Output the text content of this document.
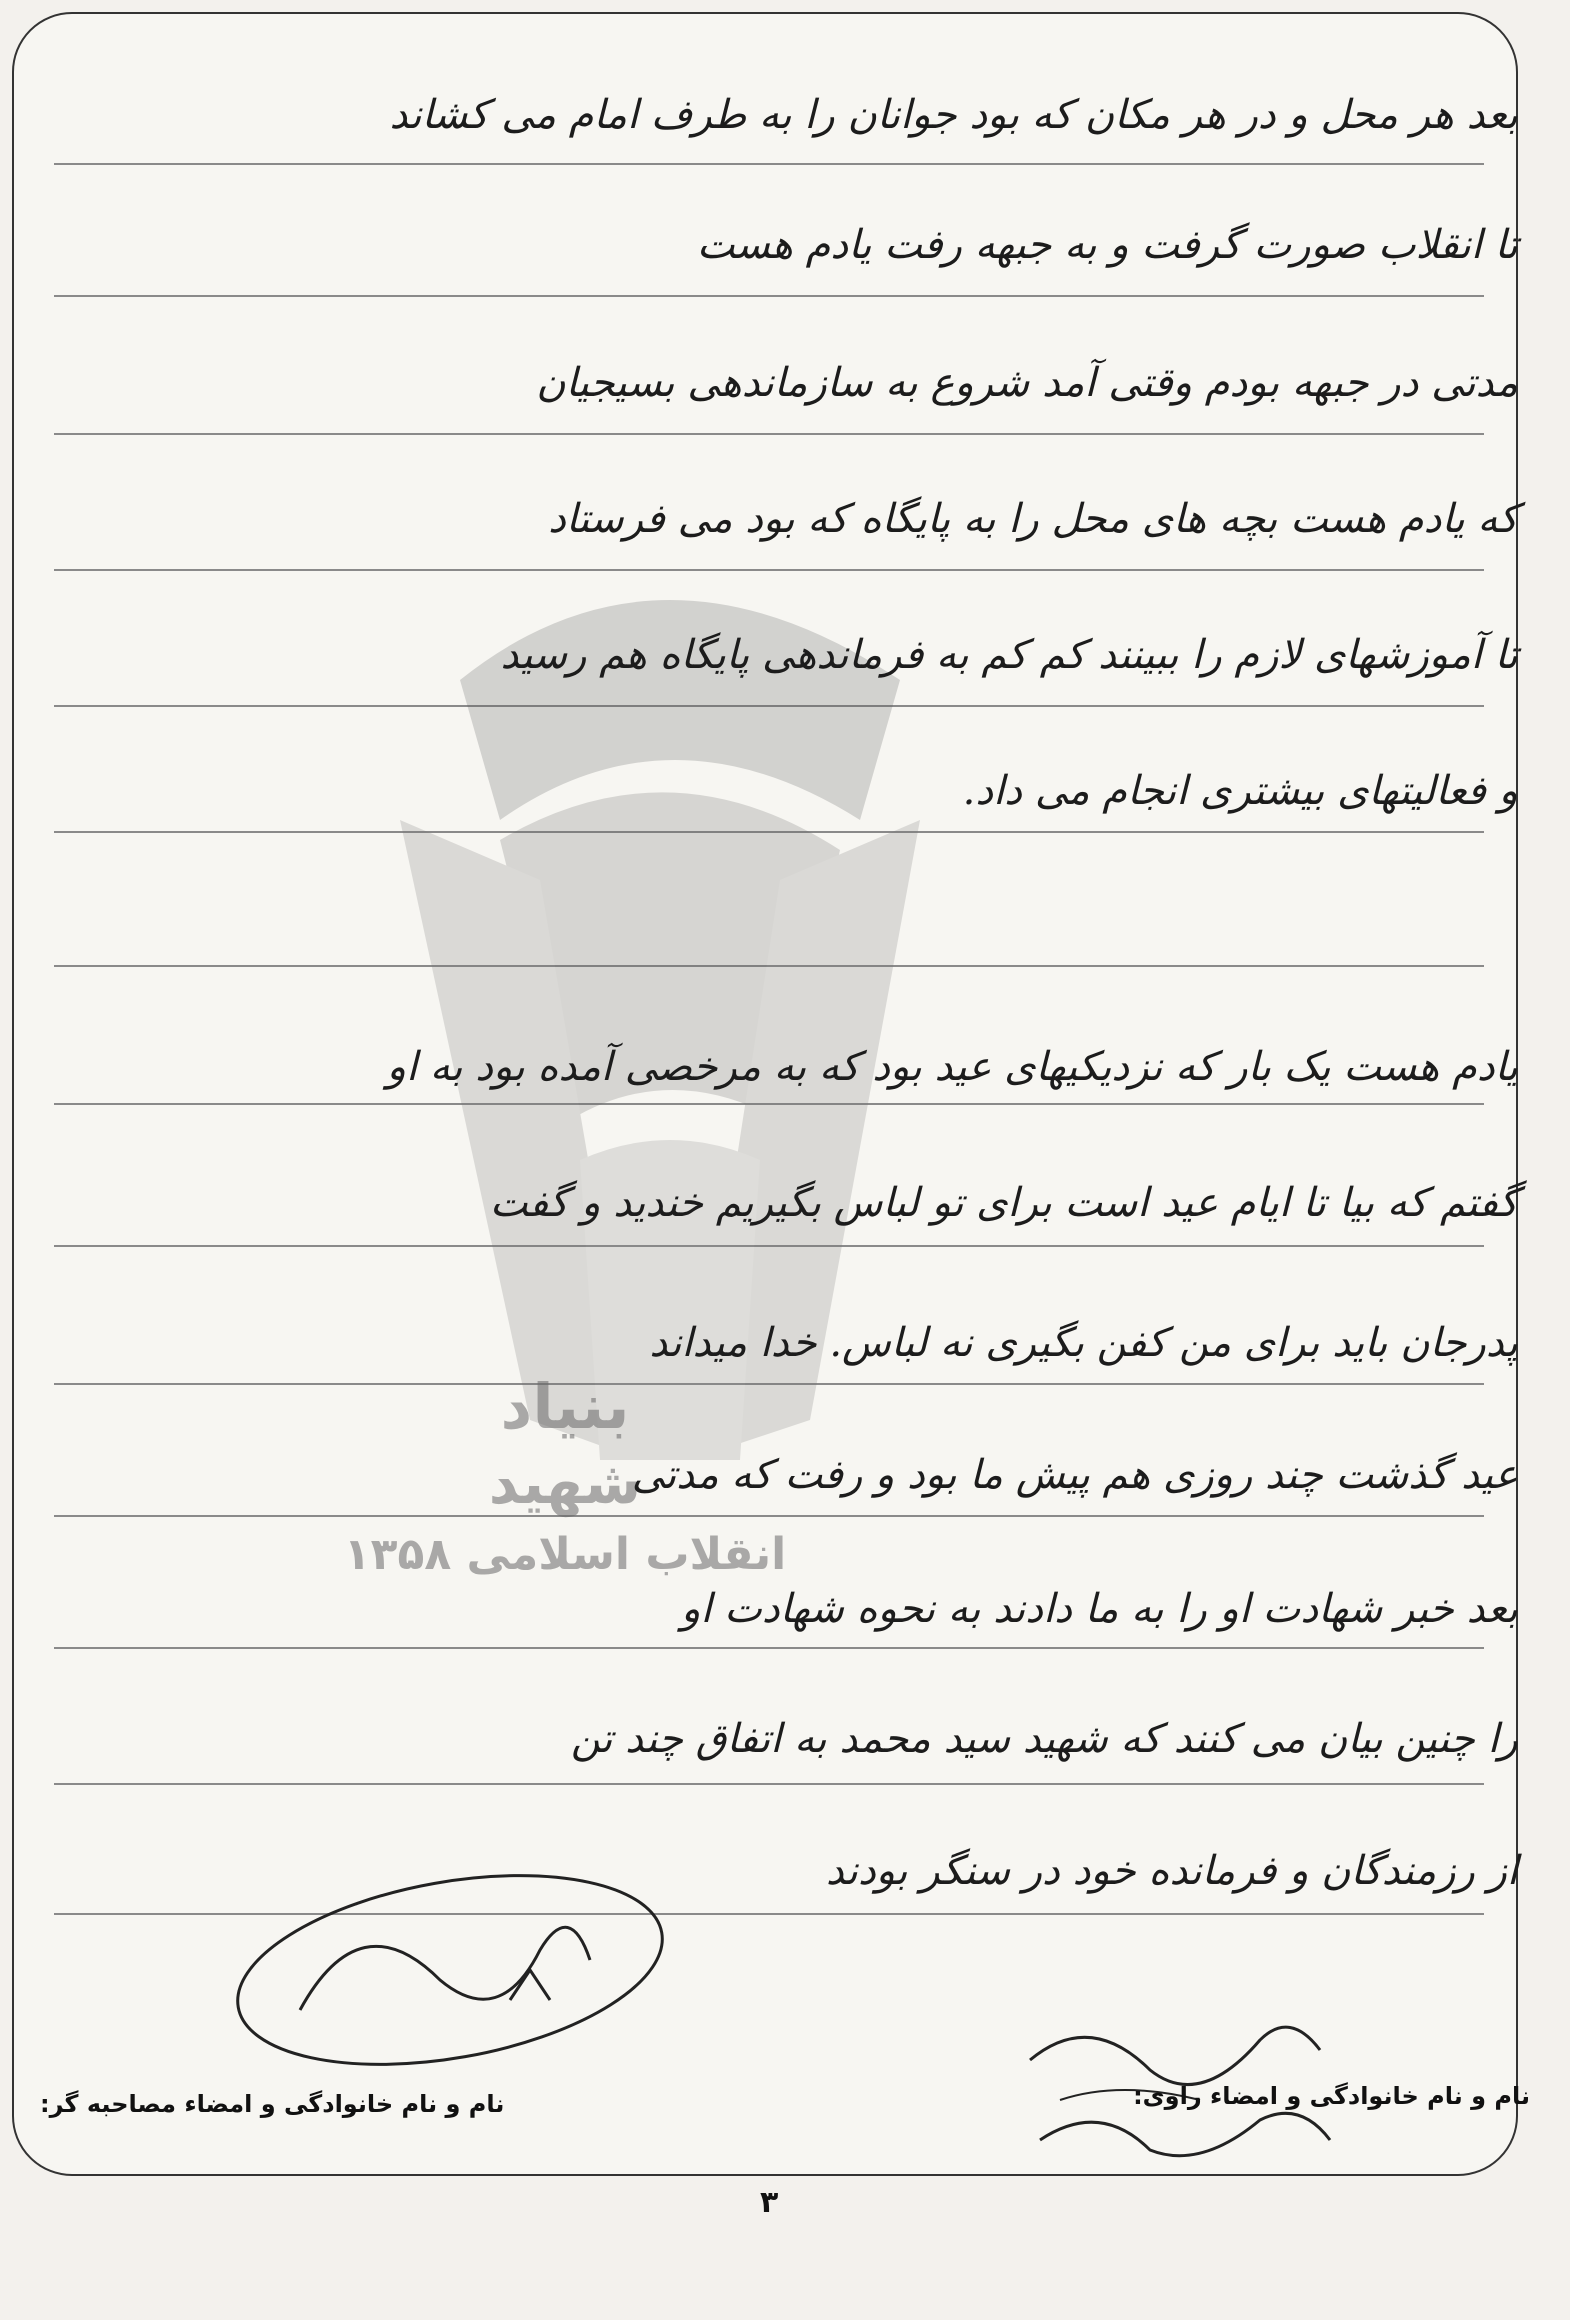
بنیاد
شهید
انقلاب اسلامی ۱۳۵۸
بعد هر محل و در هر مکان که بود جوانان را به طرف امام می کشاند
تا انقلاب صورت گرفت و به جبهه رفت یادم هست
مدتی در جبهه بودم وقتی آمد شروع به سازماندهی بسیجیان
که یادم هست بچه های محل را به پایگاه که بود می فرستاد
تا آموزشهای لازم را ببینند کم کم به فرماندهی پایگاه هم رسید
و فعالیتهای بیشتری انجام می داد.
یادم هست یک بار که نزدیکیهای عید بود که به مرخصی آمده بود به او
گفتم که بیا تا ایام عید است برای تو لباس بگیریم خندید و گفت
پدرجان باید برای من کفن بگیری نه لباس. خدا میداند
عید گذشت چند روزی هم پیش ما بود و رفت که مدتی
بعد خبر شهادت او را به ما دادند به نحوه شهادت او
را چنین بیان می کنند که شهید سید محمد به اتفاق چند تن
از رزمندگان و فرمانده خود در سنگر بودند
نام و نام خانوادگی و امضاء راوی:
نام و نام خانوادگی و امضاء مصاحبه گر:
۳
